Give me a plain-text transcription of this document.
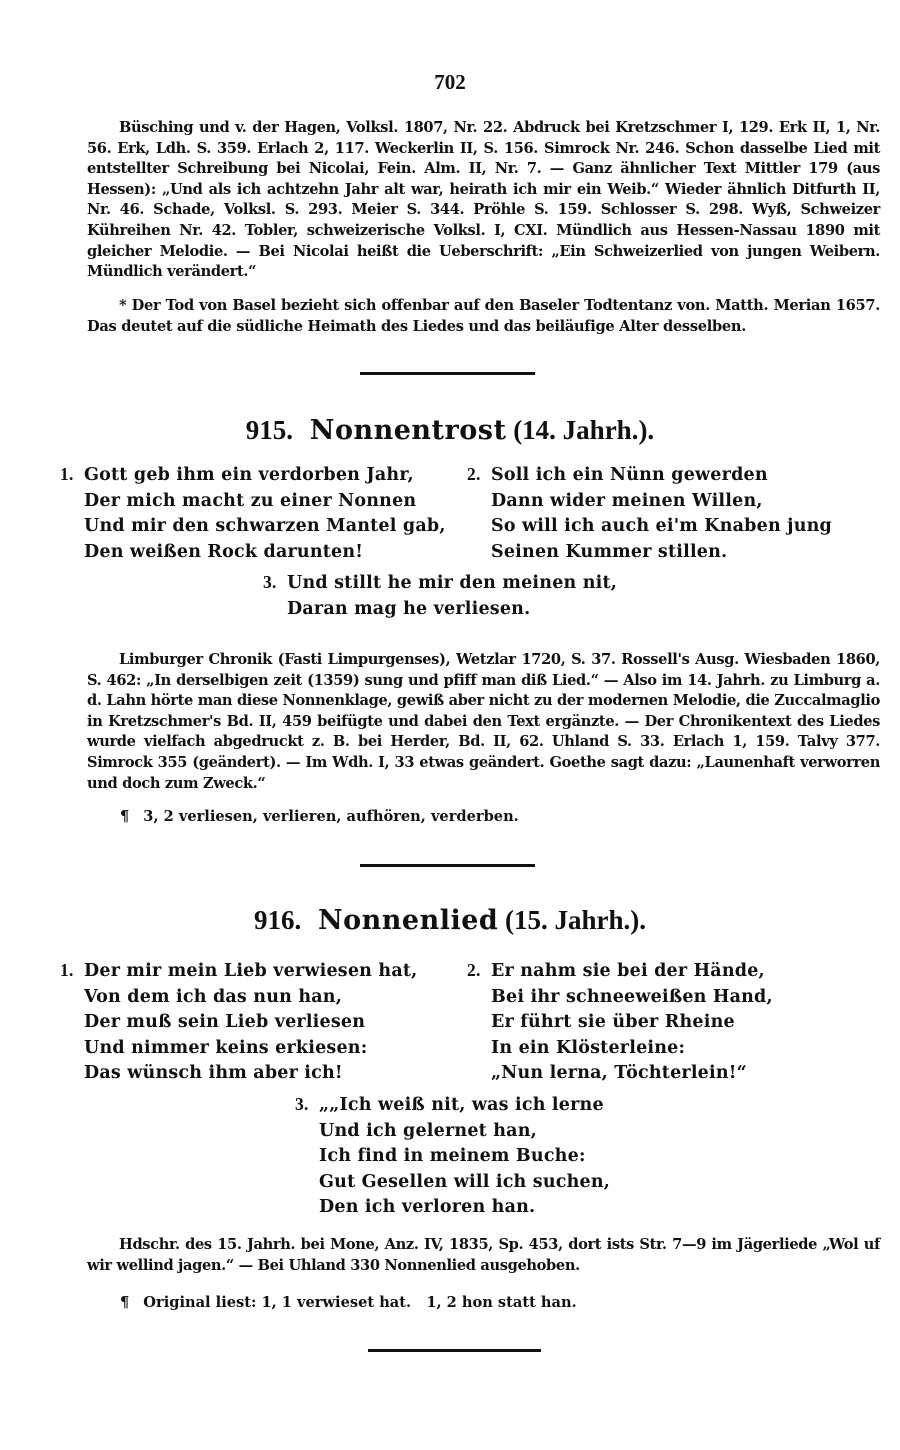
702
Büsching und v. der Hagen, Volksl. 1807, Nr. 22. Abdruck bei Kretzschmer I, 129. Erk II, 1, Nr. 56. Erk, Ldh. S. 359. Erlach 2, 117. Weckerlin II, S. 156. Simrock Nr. 246. Schon dasselbe Lied mit entstellter Schreibung bei Nicolai, Fein. Alm. II, Nr. 7. — Ganz ähnlicher Text Mittler 179 (aus Hessen): „Und als ich achtzehn Jahr alt war, heirath ich mir ein Weib.“ Wieder ähnlich Ditfurth II, Nr. 46. Schade, Volksl. S. 293. Meier S. 344. Pröhle S. 159. Schlosser S. 298. Wyß, Schweizer Kühreihen Nr. 42. Tobler, schweizerische Volksl. I, CXI. Mündlich aus Hessen-Nassau 1890 mit gleicher Melodie. — Bei Nicolai heißt die Ueberschrift: „Ein Schweizerlied von jungen Weibern. Mündlich verändert.“
* Der Tod von Basel bezieht sich offenbar auf den Baseler Todtentanz von. Matth. Merian 1657. Das deutet auf die südliche Heimath des Liedes und das beiläufige Alter desselben.
915. Nonnentrost (14. Jahrh.).
1. Gott geb ihm ein verdorben Jahr,
Der mich macht zu einer Nonnen
Und mir den schwarzen Mantel gab,
Den weißen Rock darunten!
2. Soll ich ein Nünn gewerden
Dann wider meinen Willen,
So will ich auch ei'm Knaben jung
Seinen Kummer stillen.
3. Und stillt he mir den meinen nit,
Daran mag he verliesen.
Limburger Chronik (Fasti Limpurgenses), Wetzlar 1720, S. 37. Rossell's Ausg. Wiesbaden 1860, S. 462: „In derselbigen zeit (1359) sung und pfiff man diß Lied.“ — Also im 14. Jahrh. zu Limburg a. d. Lahn hörte man diese Nonnenklage, gewiß aber nicht zu der modernen Melodie, die Zuccalmaglio in Kretzschmer's Bd. II, 459 beifügte und dabei den Text ergänzte. — Der Chronikentext des Liedes wurde vielfach abgedruckt z. B. bei Herder, Bd. II, 62. Uhland S. 33. Erlach 1, 159. Talvy 377. Simrock 355 (geändert). — Im Wdh. I, 33 etwas geändert. Goethe sagt dazu: „Launenhaft verworren und doch zum Zweck.“
¶ 3, 2 verliesen, verlieren, aufhören, verderben.
916. Nonnenlied (15. Jahrh.).
1. Der mir mein Lieb verwiesen hat,
Von dem ich das nun han,
Der muß sein Lieb verliesen
Und nimmer keins erkiesen:
Das wünsch ihm aber ich!
2. Er nahm sie bei der Hände,
Bei ihr schneeweißen Hand,
Er führt sie über Rheine
In ein Klösterleine:
„Nun lerna, Töchterlein!“
3. „„Ich weiß nit, was ich lerne
Und ich gelernet han,
Ich find in meinem Buche:
Gut Gesellen will ich suchen,
Den ich verloren han.
Hdschr. des 15. Jahrh. bei Mone, Anz. IV, 1835, Sp. 453, dort ists Str. 7—9 im Jägerliede „Wol uf wir wellind jagen.“ — Bei Uhland 330 Nonnenlied ausgehoben.
¶ Original liest: 1, 1 verwieset hat.   1, 2 hon statt han.
